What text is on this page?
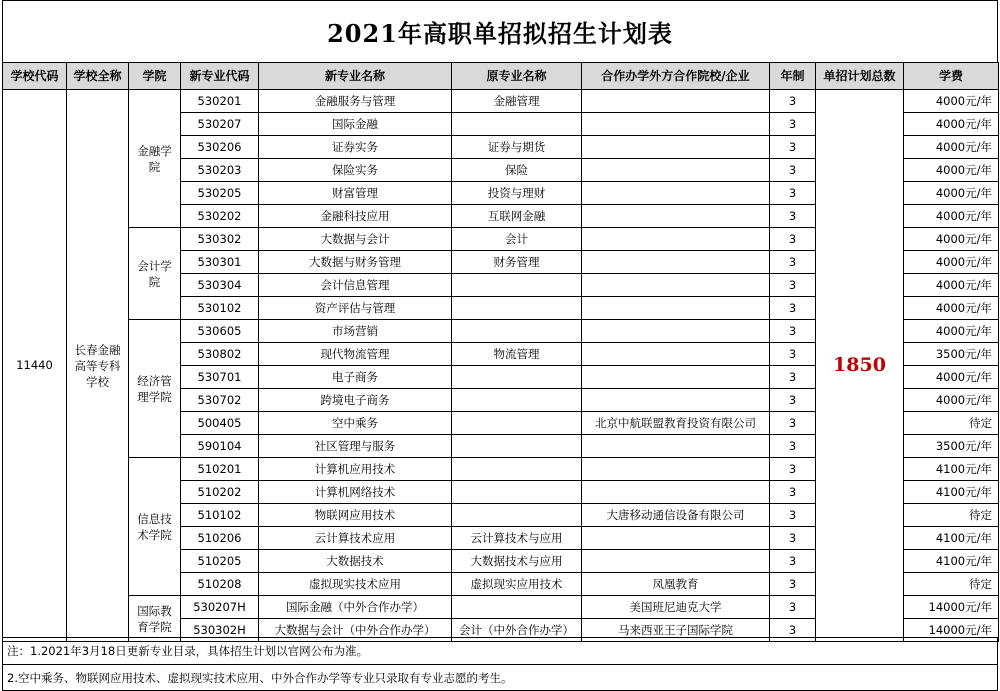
2021年高职单招拟招生计划表
学校代码	学校全称	学院	新专业代码	新专业名称	原专业名称	合作办学外方合作院校/企业	年制	单招计划总数	学费
11440	长春金融高等专科学校	金融学院	530201	金融服务与管理	金融管理		3	1850	4000元/年
			530207	国际金融			3		4000元/年
			530206	证券实务	证券与期货		3		4000元/年
			530203	保险实务	保险		3		4000元/年
			530205	财富管理	投资与理财		3		4000元/年
			530202	金融科技应用	互联网金融		3		4000元/年
		会计学院	530302	大数据与会计	会计		3		4000元/年
			530301	大数据与财务管理	财务管理		3		4000元/年
			530304	会计信息管理			3		4000元/年
			530102	资产评估与管理			3		4000元/年
		经济管理学院	530605	市场营销			3		4000元/年
			530802	现代物流管理	物流管理		3		3500元/年
			530701	电子商务			3		4000元/年
			530702	跨境电子商务			3		4000元/年
			500405	空中乘务		北京中航联盟教育投资有限公司	3		待定
			590104	社区管理与服务			3		3500元/年
		信息技术学院	510201	计算机应用技术			3		4100元/年
			510202	计算机网络技术			3		4100元/年
			510102	物联网应用技术		大唐移动通信设备有限公司	3		待定
			510206	云计算技术应用	云计算技术与应用		3		4100元/年
			510205	大数据技术	大数据技术与应用		3		4100元/年
			510208	虚拟现实技术应用	虚拟现实应用技术	凤凰教育	3		待定
		国际教育学院	530207H	国际金融（中外合作办学）		美国班尼迪克大学	3		14000元/年
			530302H	大数据与会计（中外合作办学）	会计（中外合作办学）	马来西亚王子国际学院	3		14000元/年
注：1.2021年3月18日更新专业目录，具体招生计划以官网公布为准。
2.空中乘务、物联网应用技术、虚拟现实技术应用、中外合作办学等专业只录取有专业志愿的考生。
